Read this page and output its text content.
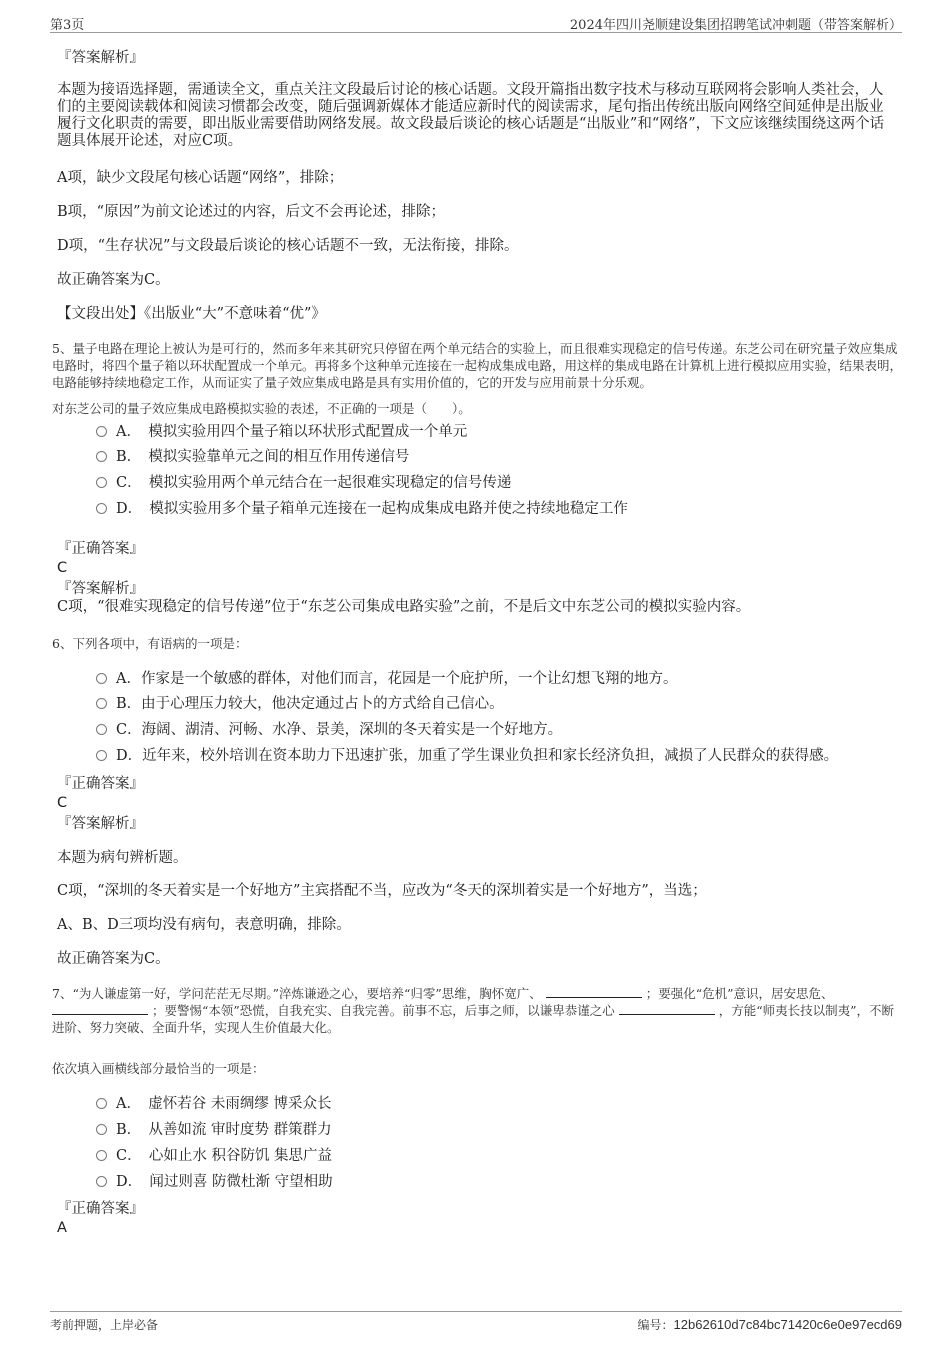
第3页	2024年四川尧顺建设集团招聘笔试冲刺题（带答案解析）
『答案解析』

本题为接语选择题，需通读全文，重点关注文段最后讨论的核心话题。文段开篇指出数字技术与移动互联网将会影响人类社会，人们的主要阅读载体和阅读习惯都会改变，随后强调新媒体才能适应新时代的阅读需求，尾句指出传统出版向网络空间延伸是出版业履行文化职责的需要，即出版业需要借助网络发展。故文段最后谈论的核心话题是“出版业”和“网络”，下文应该继续围绕这两个话题具体展开论述，对应C项。

A项，缺少文段尾句核心话题“网络”，排除；
B项，“原因”为前文论述过的内容，后文不会再论述，排除；
D项，“生存状况”与文段最后谈论的核心话题不一致，无法衔接，排除。
故正确答案为C。
【文段出处】《出版业“大”不意味着“优”》
5、量子电路在理论上被认为是可行的，然而多年来其研究只停留在两个单元结合的实验上，而且很难实现稳定的信号传递。东芝公司在研究量子效应集成电路时，将四个量子箱以环状配置成一个单元。再将多个这种单元连接在一起构成集成电路，用这样的集成电路在计算机上进行模拟应用实验，结果表明，电路能够持续地稳定工作，从而证实了量子效应集成电路是具有实用价值的，它的开发与应用前景十分乐观。
对东芝公司的量子效应集成电路模拟实验的表述，不正确的一项是（　　）。
A．　模拟实验用四个量子箱以环状形式配置成一个单元
B．　模拟实验靠单元之间的相互作用传递信号
C．　模拟实验用两个单元结合在一起很难实现稳定的信号传递
D．　模拟实验用多个量子箱单元连接在一起构成集成电路并使之持续地稳定工作
『正确答案』
C
『答案解析』
C项，“很难实现稳定的信号传递”位于“东芝公司集成电路实验”之前，不是后文中东芝公司的模拟实验内容。
6、下列各项中，有语病的一项是：
A．作家是一个敏感的群体，对他们而言，花园是一个庇护所，一个让幻想飞翔的地方。
B．由于心理压力较大，他决定通过占卜的方式给自己信心。
C．海阔、湖清、河畅、水净、景美，深圳的冬天着实是一个好地方。
D．近年来，校外培训在资本助力下迅速扩张，加重了学生课业负担和家长经济负担，减损了人民群众的获得感。
『正确答案』
C
『答案解析』
本题为病句辨析题。
C项，“深圳的冬天着实是一个好地方”主宾搭配不当，应改为“冬天的深圳着实是一个好地方”，当选；
A、B、D三项均没有病句，表意明确，排除。
故正确答案为C。
7、“为人谦虚第一好，学问茫茫无尽期。”淬炼谦逊之心，要培养“归零”思维，胸怀宽广、	；要强化“危机”意识，居安思危、  ；要警惕“本领”恐慌，自我充实、自我完善。前事不忘，后事之师，以谦卑恭谨之心	，方能“师夷长技以制夷”，不断进阶、努力突破、全面升华，实现人生价值最大化。
依次填入画横线部分最恰当的一项是：
A．　虚怀若谷 未雨绸缪 博采众长
B．　从善如流 审时度势 群策群力
C．　心如止水 积谷防饥 集思广益
D．　闻过则喜 防微杜渐 守望相助
『正确答案』
A
考前押题，上岸必备	编号：12b62610d7c84bc71420c6e0e97ecd69
